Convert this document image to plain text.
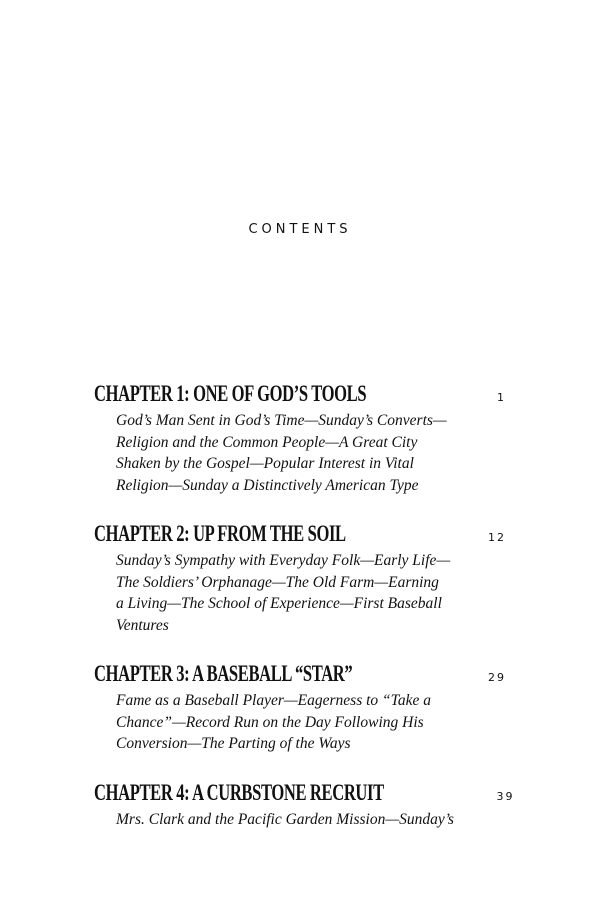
CONTENTS
CHAPTER 1: ONE OF GOD’S TOOLS	1
God’s Man Sent in God’s Time—Sunday’s Converts—
Religion and the Common People—A Great City
Shaken by the Gospel—Popular Interest in Vital
Religion—Sunday a Distinctively American Type
CHAPTER 2: UP FROM THE SOIL	12
Sunday’s Sympathy with Everyday Folk—Early Life—
The Soldiers’ Orphanage—The Old Farm—Earning
a Living—The School of Experience—First Baseball
Ventures
CHAPTER 3: A BASEBALL “STAR”	29
Fame as a Baseball Player—Eagerness to “Take a
Chance”—Record Run on the Day Following His
Conversion—The Parting of the Ways
CHAPTER 4: A CURBSTONE RECRUIT	39
Mrs. Clark and the Pacific Garden Mission—Sunday’s
